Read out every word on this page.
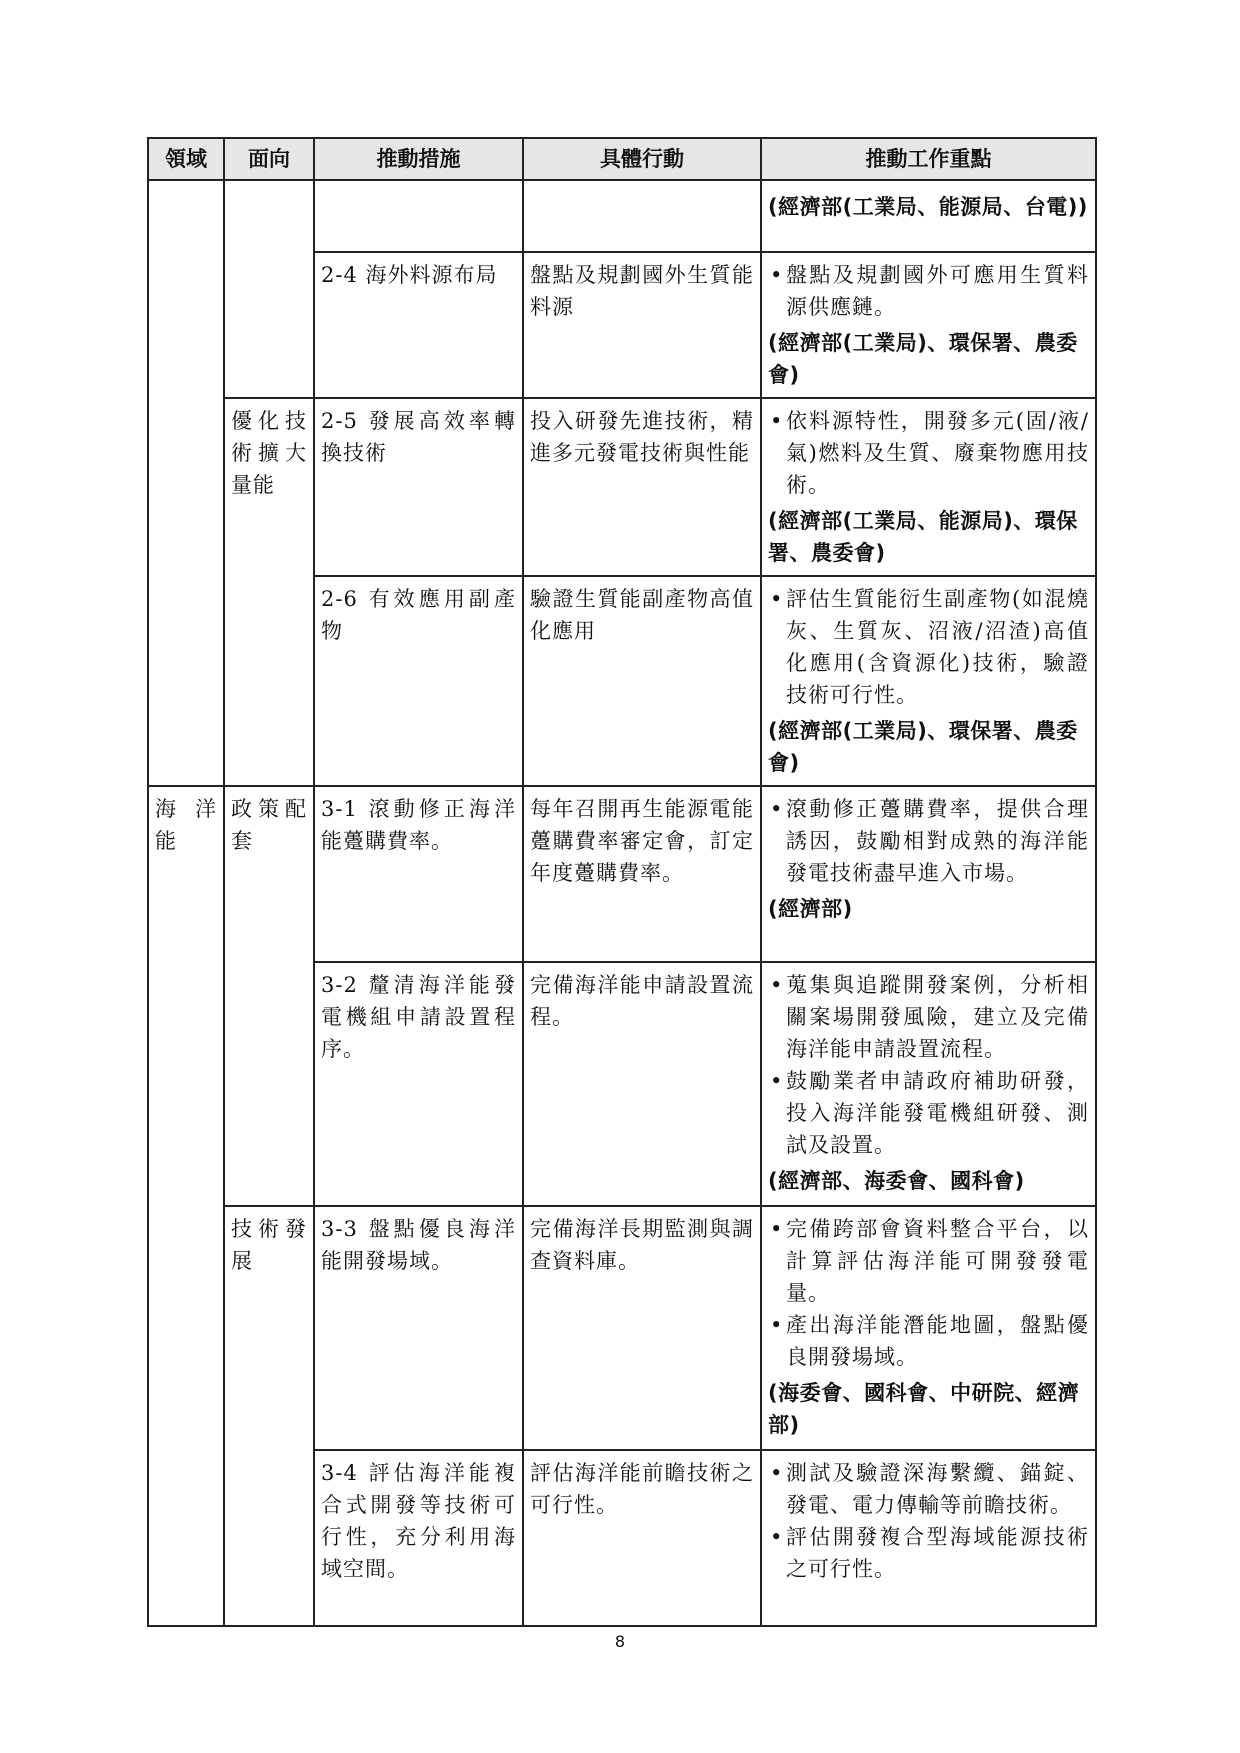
領域	面向	推動措施	具體行動	推動工作重點

				(經濟部(工業局、能源局、台電))

		2-4 海外料源布局	盤點及規劃國外生質能料源	• 盤點及規劃國外可應用生質料源供應鏈。
(經濟部(工業局)、環保署、農委會)

	優化技術擴大量能	2-5 發展高效率轉換技術	投入研發先進技術，精進多元發電技術與性能	• 依料源特性，開發多元(固/液/氣)燃料及生質、廢棄物應用技術。
(經濟部(工業局、能源局)、環保署、農委會)

		2-6 有效應用副產物	驗證生質能副產物高值化應用	• 評估生質能衍生副產物(如混燒灰、生質灰、沼液/沼渣)高值化應用(含資源化)技術，驗證技術可行性。
(經濟部(工業局)、環保署、農委會)

海洋能	政策配套	3-1 滾動修正海洋能躉購費率。	每年召開再生能源電能躉購費率審定會，訂定年度躉購費率。	• 滾動修正躉購費率，提供合理誘因，鼓勵相對成熟的海洋能發電技術盡早進入市場。
(經濟部)

		3-2 釐清海洋能發電機組申請設置程序。	完備海洋能申請設置流程。	• 蒐集與追蹤開發案例，分析相關案場開發風險，建立及完備海洋能申請設置流程。
• 鼓勵業者申請政府補助研發，投入海洋能發電機組研發、測試及設置。
(經濟部、海委會、國科會)

	技術發展	3-3 盤點優良海洋能開發場域。	完備海洋長期監測與調查資料庫。	• 完備跨部會資料整合平台，以計算評估海洋能可開發發電量。
• 產出海洋能潛能地圖，盤點優良開發場域。
(海委會、國科會、中研院、經濟部)

		3-4 評估海洋能複合式開發等技術可行性，充分利用海域空間。	評估海洋能前瞻技術之可行性。	• 測試及驗證深海繫纜、錨錠、發電、電力傳輸等前瞻技術。
• 評估開發複合型海域能源技術之可行性。
8
